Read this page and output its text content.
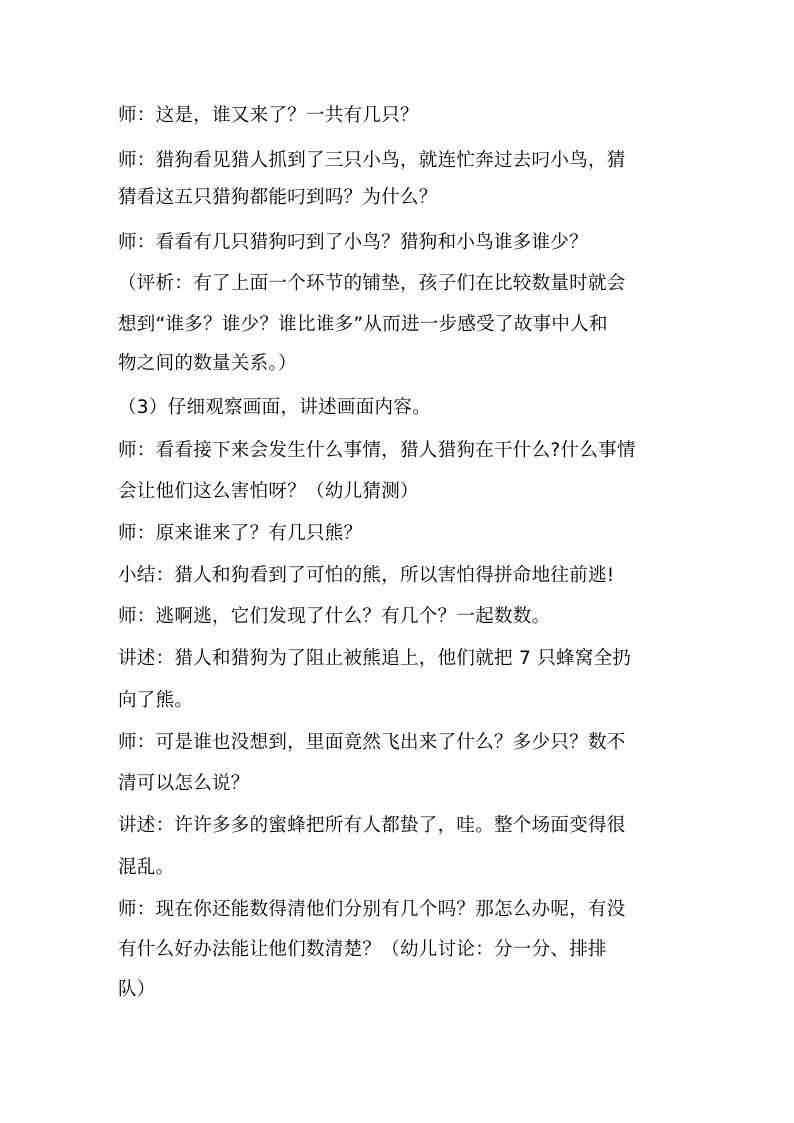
师：这是，谁又来了？一共有几只？
师：猎狗看见猎人抓到了三只小鸟，就连忙奔过去叼小鸟，猜
猜看这五只猎狗都能叼到吗？为什么？
师：看看有几只猎狗叼到了小鸟？猎狗和小鸟谁多谁少？
（评析：有了上面一个环节的铺垫，孩子们在比较数量时就会
想到“谁多？谁少？谁比谁多”从而进一步感受了故事中人和
物之间的数量关系。）
（3）仔细观察画面，讲述画面内容。
师：看看接下来会发生什么事情，猎人猎狗在干什么?什么事情
会让他们这么害怕呀？（幼儿猜测）
师：原来谁来了？有几只熊？
小结：猎人和狗看到了可怕的熊，所以害怕得拼命地往前逃!
师：逃啊逃，它们发现了什么？有几个？一起数数。
讲述：猎人和猎狗为了阻止被熊追上，他们就把 7 只蜂窝全扔
向了熊。
师：可是谁也没想到，里面竟然飞出来了什么？多少只？数不
清可以怎么说？
讲述：许许多多的蜜蜂把所有人都蛰了，哇。整个场面变得很
混乱。
师：现在你还能数得清他们分别有几个吗？那怎么办呢，有没
有什么好办法能让他们数清楚？（幼儿讨论：分一分、排排
队）
